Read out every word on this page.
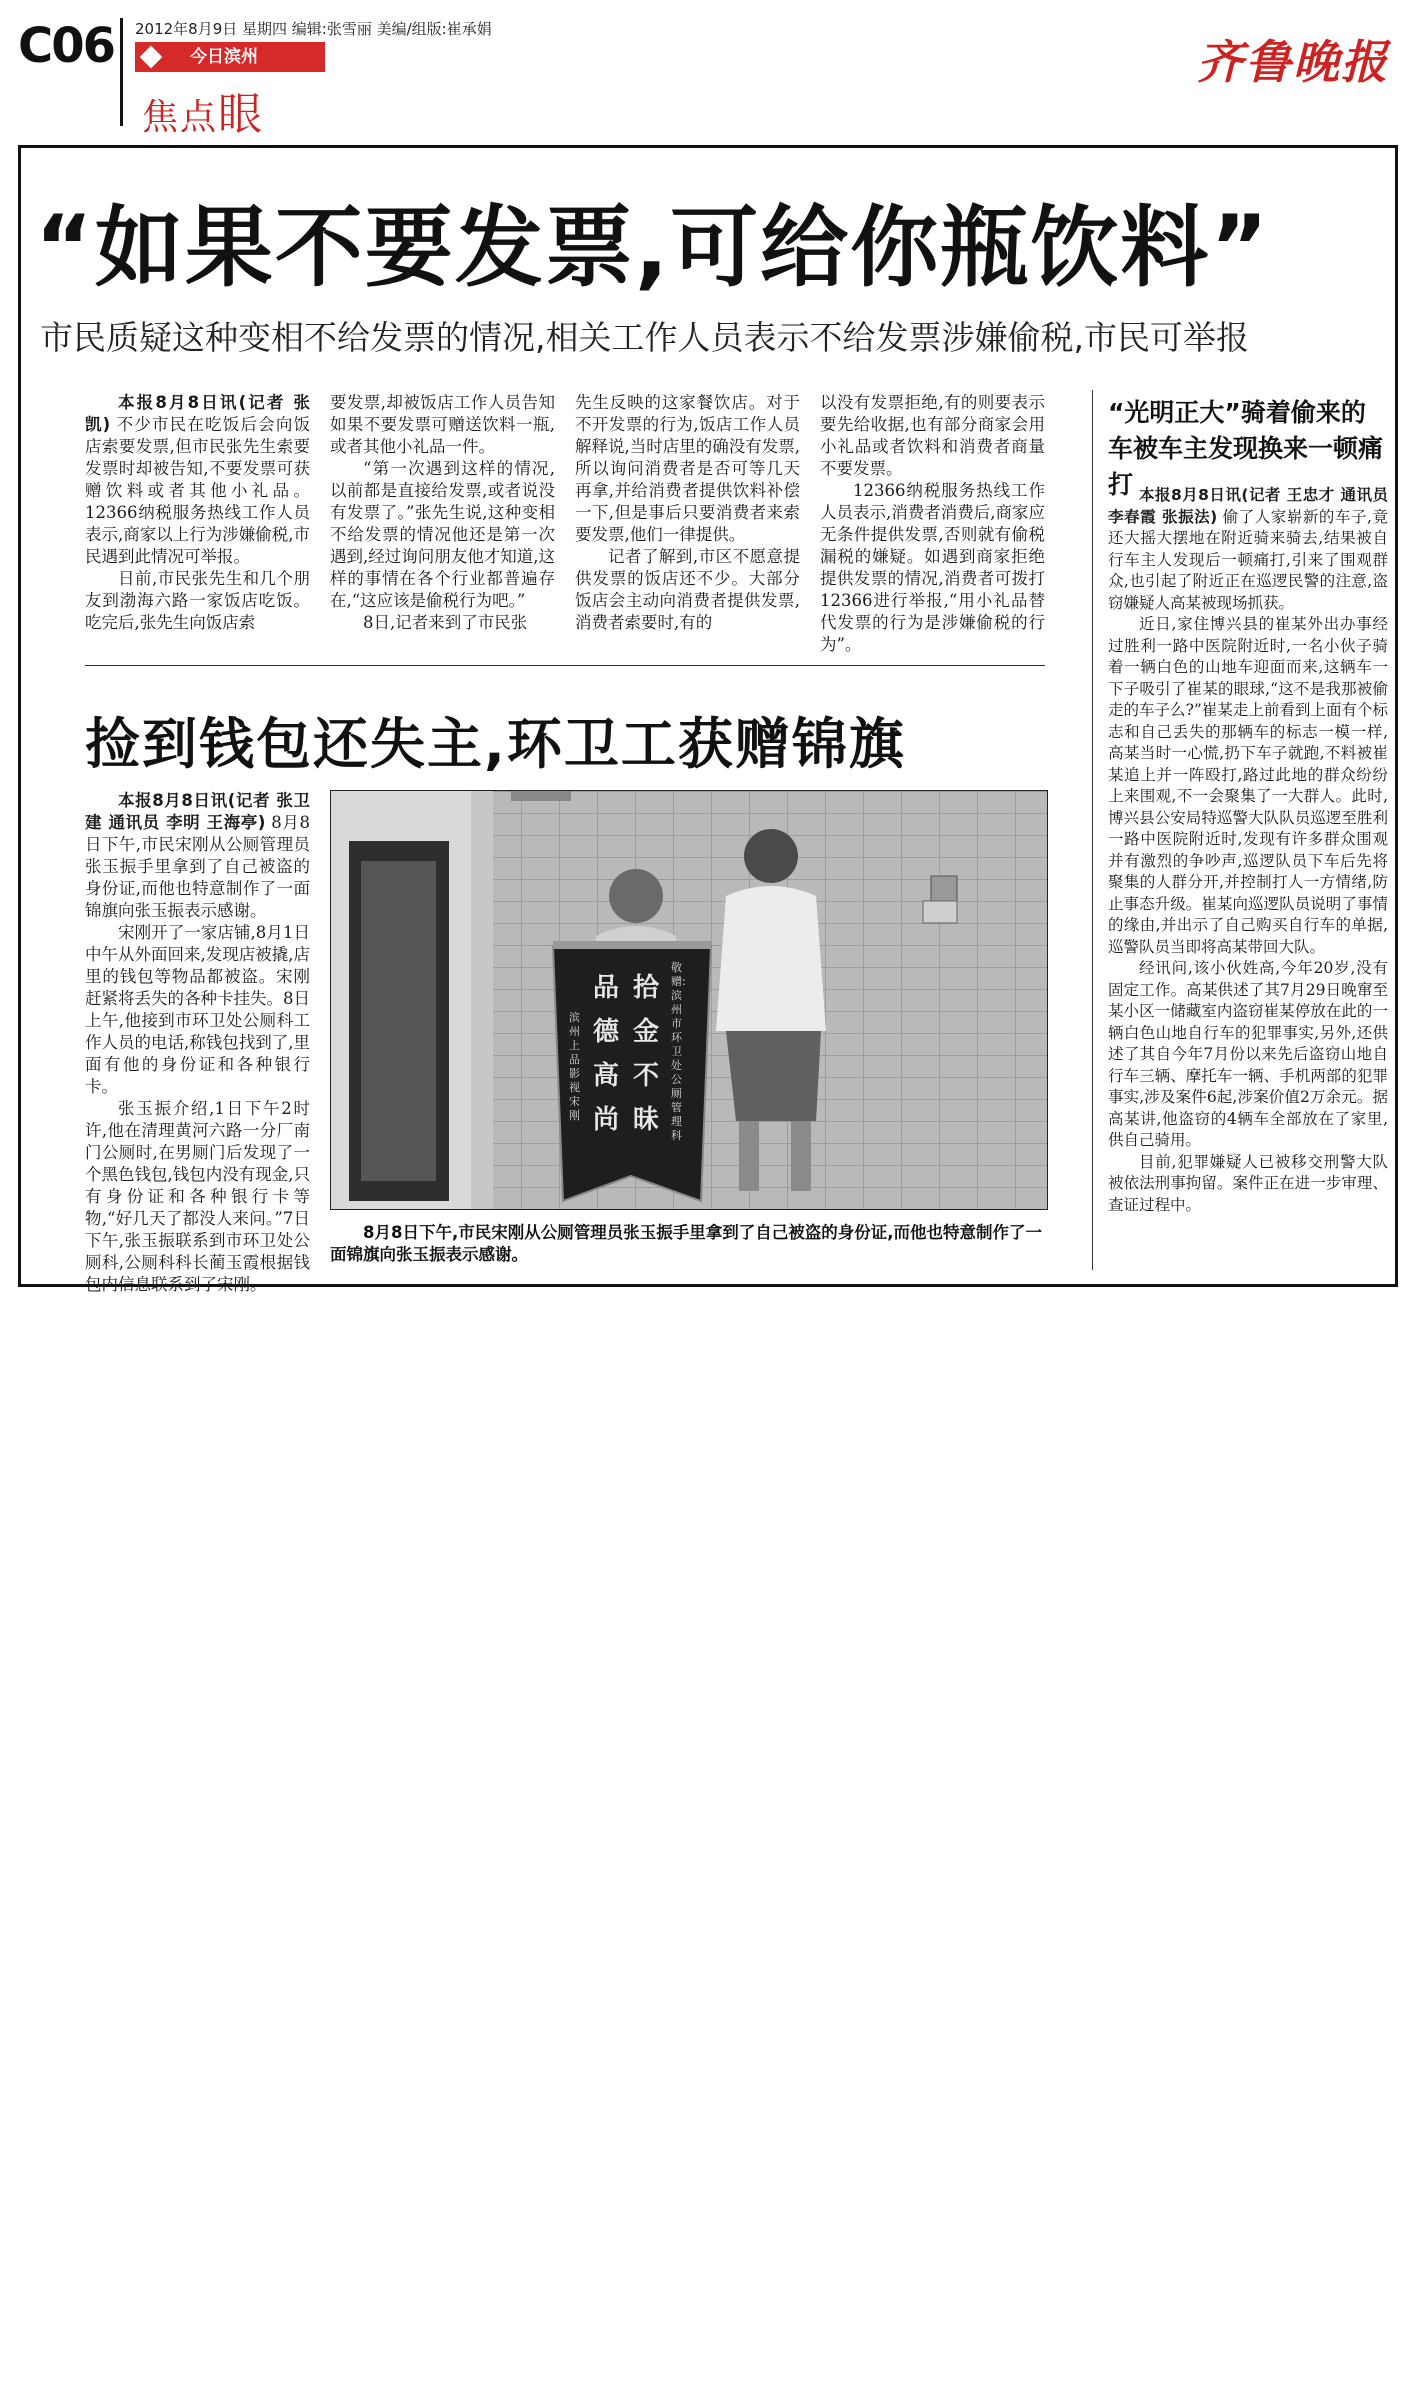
C06 2012年8月9日 星期四 编辑:张雪丽 美编/组版:崔承娟
今日滨州
焦点眼
齐鲁晚报
“如果不要发票,可给你瓶饮料”
市民质疑这种变相不给发票的情况,相关工作人员表示不给发票涉嫌偷税,市民可举报

本报8月8日讯(记者 张凯) 不少市民在吃饭后会向饭店索要发票,但市民张先生索要发票时却被告知,不要发票可获赠饮料或者其他小礼品。12366纳税服务热线工作人员表示,商家以上行为涉嫌偷税,市民遇到此情况可举报。

日前,市民张先生和几个朋友到渤海六路一家饭店吃饭。吃完后,张先生向饭店索

要发票,却被饭店工作人员告知如果不要发票可赠送饮料一瓶,或者其他小礼品一件。

“第一次遇到这样的情况,以前都是直接给发票,或者说没有发票了。”张先生说,这种变相不给发票的情况他还是第一次遇到,经过询问朋友他才知道,这样的事情在各个行业都普遍存在,“这应该是偷税行为吧。”

8日,记者来到了市民张

先生反映的这家餐饮店。对于不开发票的行为,饭店工作人员解释说,当时店里的确没有发票,所以询问消费者是否可等几天再拿,并给消费者提供饮料补偿一下,但是事后只要消费者来索要发票,他们一律提供。

记者了解到,市区不愿意提供发票的饭店还不少。大部分饭店会主动向消费者提供发票,消费者索要时,有的

以没有发票拒绝,有的则要表示要先给收据,也有部分商家会用小礼品或者饮料和消费者商量不要发票。

12366纳税服务热线工作人员表示,消费者消费后,商家应无条件提供发票,否则就有偷税漏税的嫌疑。如遇到商家拒绝提供发票的情况,消费者可拨打12366进行举报,“用小礼品替代发票的行为是涉嫌偷税的行为”。

捡到钱包还失主,环卫工获赠锦旗

本报8月8日讯(记者 张卫建 通讯员 李明 王海亭) 8月8日下午,市民宋刚从公厕管理员张玉振手里拿到了自己被盗的身份证,而他也特意制作了一面锦旗向张玉振表示感谢。

宋刚开了一家店铺,8月1日中午从外面回来,发现店被撬,店里的钱包等物品都被盗。宋刚赶紧将丢失的各种卡挂失。8日上午,他接到市环卫处公厕科工作人员的电话,称钱包找到了,里面有他的身份证和各种银行卡。

张玉振介绍,1日下午2时许,他在清理黄河六路一分厂南门公厕时,在男厕门后发现了一个黑色钱包,钱包内没有现金,只有身份证和各种银行卡等物,“好几天了都没人来问。”7日下午,张玉振联系到市环卫处公厕科,公厕科科长蔺玉霞根据钱包内信息联系到了宋刚。

拾金不昧
品德高尚
敬赠:滨州市环卫处公厕管理科
滨州上品影视 宋刚
8月8日下午,市民宋刚从公厕管理员张玉振手里拿到了自己被盗的身份证,而他也特意制作了一面锦旗向张玉振表示感谢。
“光明正大”骑着偷来的车被车主发现换来一顿痛打 本报8月8日讯(记者 王忠才 通讯员 李春霞 张振法) 偷了人家崭新的车子,竟还大摇大摆地在附近骑来骑去,结果被自行车主人发现后一顿痛打,引来了围观群众,也引起了附近正在巡逻民警的注意,盗窃嫌疑人高某被现场抓获。

近日,家住博兴县的崔某外出办事经过胜利一路中医院附近时,一名小伙子骑着一辆白色的山地车迎面而来,这辆车一下子吸引了崔某的眼球,“这不是我那被偷走的车子么?”崔某走上前看到上面有个标志和自己丢失的那辆车的标志一模一样,高某当时一心慌,扔下车子就跑,不料被崔某追上并一阵殴打,路过此地的群众纷纷上来围观,不一会聚集了一大群人。此时,博兴县公安局特巡警大队队员巡逻至胜利一路中医院附近时,发现有许多群众围观并有激烈的争吵声,巡逻队员下车后先将聚集的人群分开,并控制打人一方情绪,防止事态升级。崔某向巡逻队员说明了事情的缘由,并出示了自己购买自行车的单据,巡警队员当即将高某带回大队。

经讯问,该小伙姓高,今年20岁,没有固定工作。高某供述了其7月29日晚窜至某小区一储藏室内盗窃崔某停放在此的一辆白色山地自行车的犯罪事实,另外,还供述了其自今年7月份以来先后盗窃山地自行车三辆、摩托车一辆、手机两部的犯罪事实,涉及案件6起,涉案价值2万余元。据高某讲,他盗窃的4辆车全部放在了家里,供自己骑用。

目前,犯罪嫌疑人已被移交刑警大队被依法刑事拘留。案件正在进一步审理、查证过程中。
